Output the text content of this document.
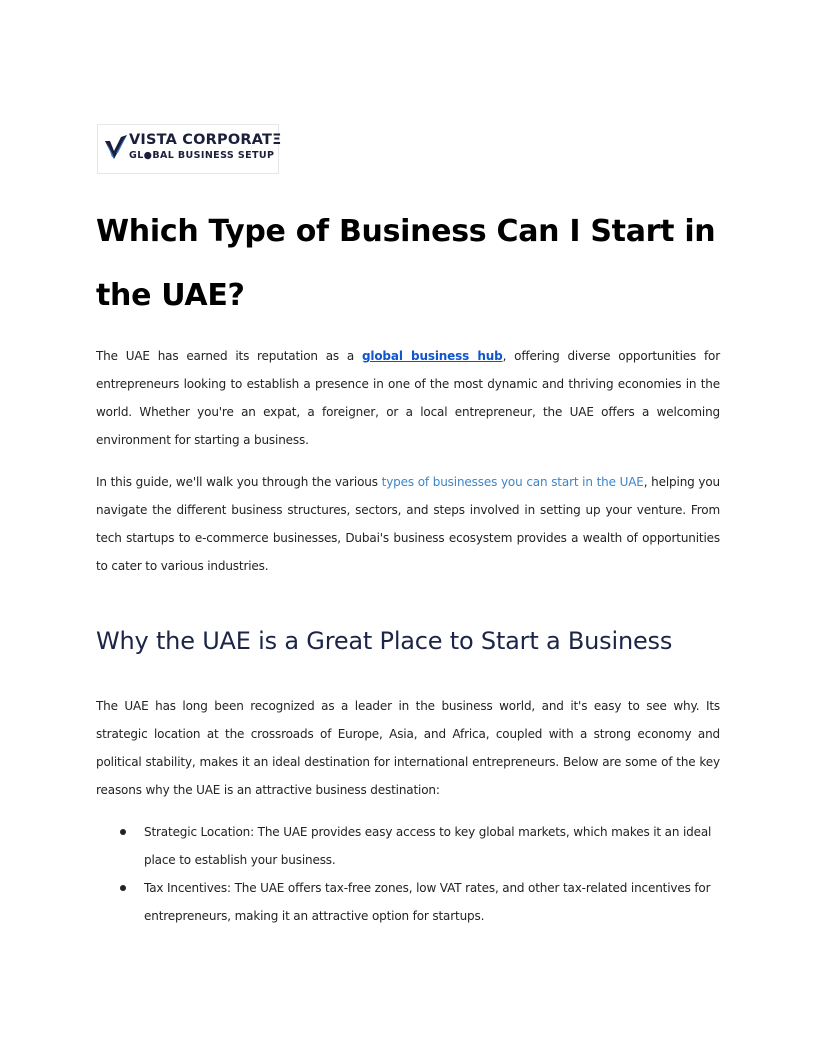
VISTA CORPORATΞ
GL●BAL BUSINESS SETUP
Which Type of Business Can I Start in the UAE?

The UAE has earned its reputation as a global business hub, offering diverse opportunities for entrepreneurs looking to establish a presence in one of the most dynamic and thriving economies in the world. Whether you're an expat, a foreigner, or a local entrepreneur, the UAE offers a welcoming environment for starting a business.

In this guide, we'll walk you through the various types of businesses you can start in the UAE, helping you navigate the different business structures, sectors, and steps involved in setting up your venture. From tech startups to e-commerce businesses, Dubai's business ecosystem provides a wealth of opportunities to cater to various industries.

Why the UAE is a Great Place to Start a Business

The UAE has long been recognized as a leader in the business world, and it's easy to see why. Its strategic location at the crossroads of Europe, Asia, and Africa, coupled with a strong economy and political stability, makes it an ideal destination for international entrepreneurs. Below are some of the key reasons why the UAE is an attractive business destination:

Strategic Location: The UAE provides easy access to key global markets, which makes it an ideal place to establish your business.
Tax Incentives: The UAE offers tax-free zones, low VAT rates, and other tax-related incentives for entrepreneurs, making it an attractive option for startups.
